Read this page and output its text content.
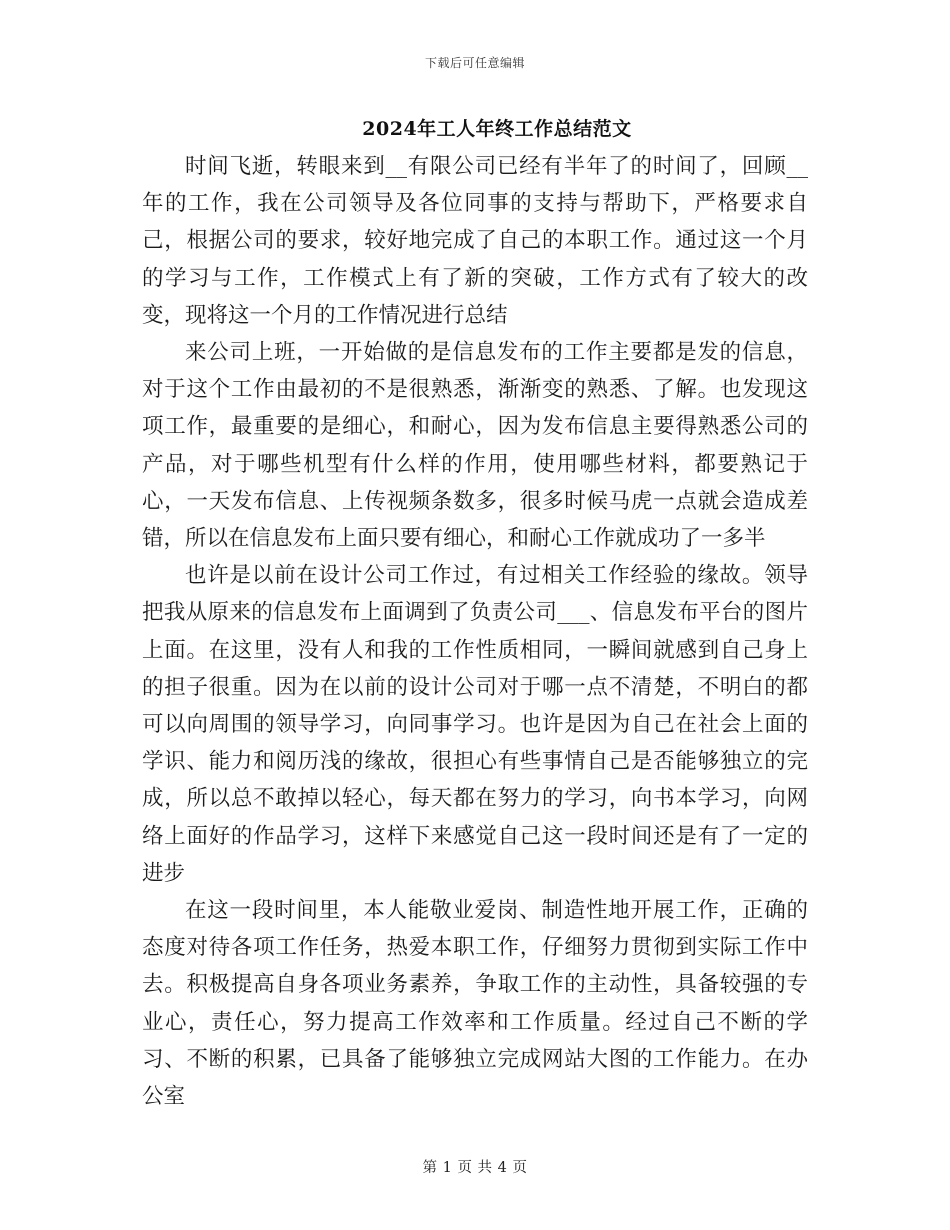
下载后可任意编辑
2024年工人年终工作总结范文

时间飞逝，转眼来到__有限公司已经有半年了的时间了，回顾__年的工作，我在公司领导及各位同事的支持与帮助下，严格要求自己，根据公司的要求，较好地完成了自己的本职工作。通过这一个月的学习与工作，工作模式上有了新的突破，工作方式有了较大的改变，现将这一个月的工作情况进行总结

来公司上班，一开始做的是信息发布的工作主要都是发的信息，对于这个工作由最初的不是很熟悉，渐渐变的熟悉、了解。也发现这项工作，最重要的是细心，和耐心，因为发布信息主要得熟悉公司的产品，对于哪些机型有什么样的作用，使用哪些材料，都要熟记于心，一天发布信息、上传视频条数多，很多时候马虎一点就会造成差错，所以在信息发布上面只要有细心，和耐心工作就成功了一多半

也许是以前在设计公司工作过，有过相关工作经验的缘故。领导把我从原来的信息发布上面调到了负责公司___、信息发布平台的图片上面。在这里，没有人和我的工作性质相同，一瞬间就感到自己身上的担子很重。因为在以前的设计公司对于哪一点不清楚，不明白的都可以向周围的领导学习，向同事学习。也许是因为自己在社会上面的学识、能力和阅历浅的缘故，很担心有些事情自己是否能够独立的完成，所以总不敢掉以轻心，每天都在努力的学习，向书本学习，向网络上面好的作品学习，这样下来感觉自己这一段时间还是有了一定的进步

在这一段时间里，本人能敬业爱岗、制造性地开展工作，正确的态度对待各项工作任务，热爱本职工作，仔细努力贯彻到实际工作中去。积极提高自身各项业务素养，争取工作的主动性，具备较强的专业心，责任心，努力提高工作效率和工作质量。经过自己不断的学习、不断的积累，已具备了能够独立完成网站大图的工作能力。在办公室

第 1 页 共 4 页
